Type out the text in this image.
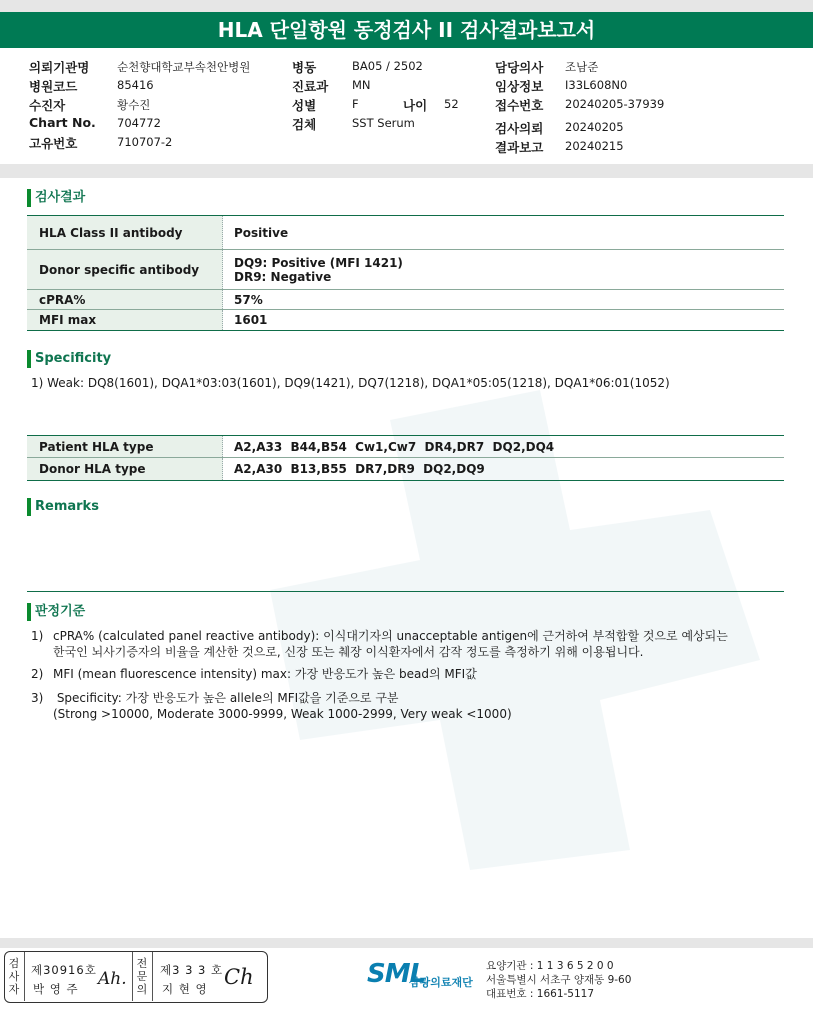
HLA 단일항원 동정검사 II 검사결과보고서
의뢰기관명 순천향대학교부속천안병원
병원코드	85416
수진자	황수진
Chart No. 704772
고유번호	710707-2
병동	BA05 / 2502
진료과 MN
성별	F	나이 52
검체	SST Serum
담당의사 조남준
임상정보 I33L608N0
접수번호 20240205-37939
검사의뢰 20240205
결과보고 20240215
검사결과
HLA Class II antibody	Positive
Donor specific antibody	DQ9: Positive (MFI 1421)
DR9: Negative
cPRA%	57%
MFI max	1601
Specificity
1) Weak: DQ8(1601), DQA1*03:03(1601), DQ9(1421), DQ7(1218), DQA1*05:05(1218), DQA1*06:01(1052)
Patient HLA type	A2,A33  B44,B54  Cw1,Cw7  DR4,DR7  DQ2,DQ4
Donor HLA type	A2,A30  B13,B55  DR7,DR9  DQ2,DQ9
Remarks
판정기준
1) cPRA% (calculated panel reactive antibody): 이식대기자의 unacceptable antigen에 근거하여 부적합할 것으로 예상되는
한국인 뇌사기증자의 비율을 계산한 것으로, 신장 또는 췌장 이식환자에서 감작 정도를 측정하기 위해 이용됩니다.
2) MFI (mean fluorescence intensity) max: 가장 반응도가 높은 bead의 MFI값
3) Specificity: 가장 반응도가 높은 allele의 MFI값을 기준으로 구분
(Strong >10000, Moderate 3000-9999, Weak 1000-2999, Very weak <1000)
검사자
제30916호
박 영 주 Ah.
전문의
제3 3 3 호
지 현 영 Ch	SML
삼광의료재단
요양기관 : 1 1 3 6 5 2 0 0
서울특별시 서초구 양재동 9-60
대표번호 : 1661-5117
